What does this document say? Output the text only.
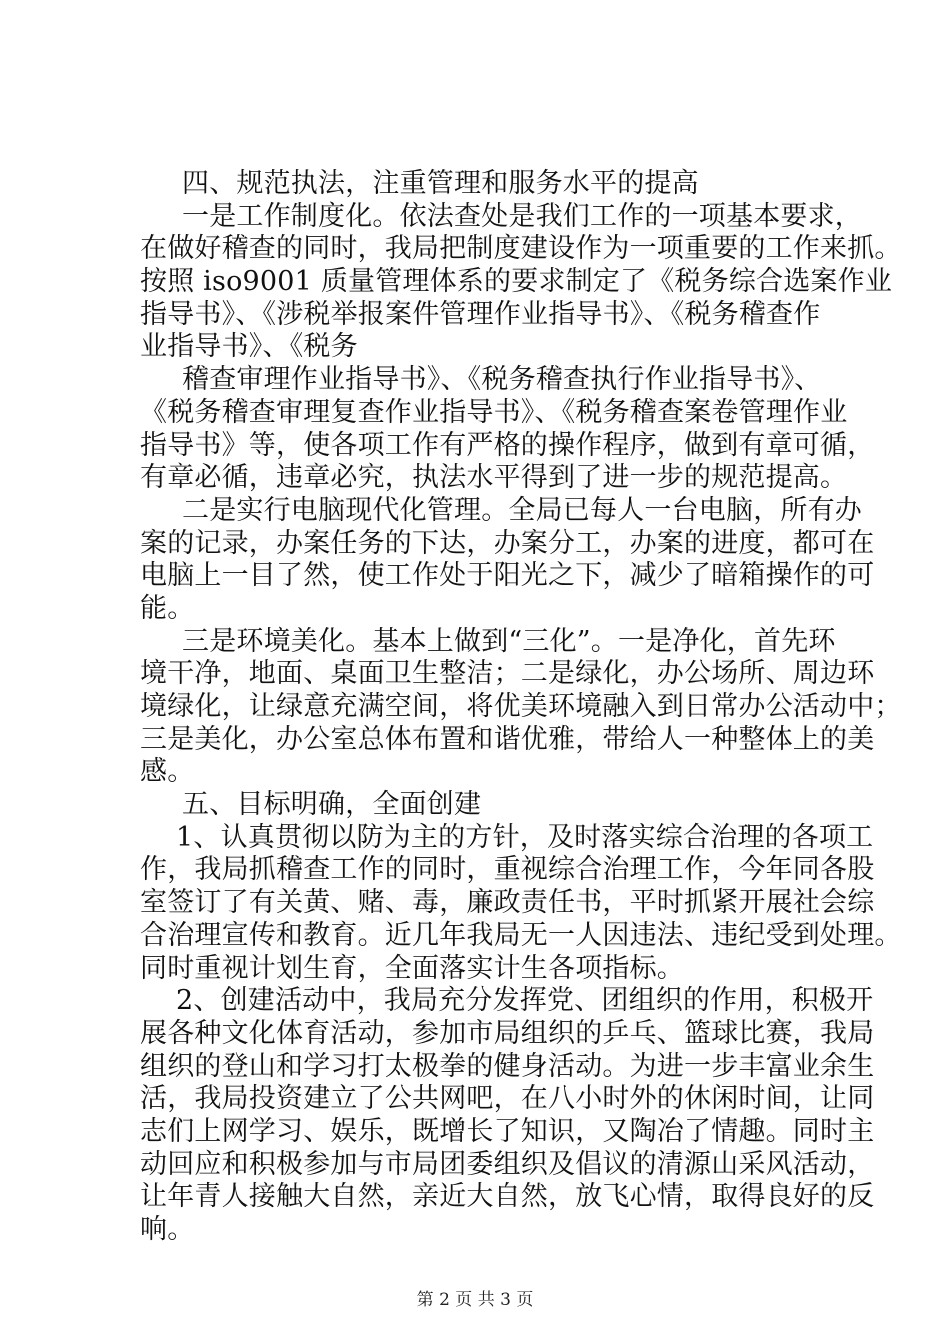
四、规范执法，注重管理和服务水平的提高
一是工作制度化。依法查处是我们工作的一项基本要求，
在做好稽查的同时，我局把制度建设作为一项重要的工作来抓。
按照 iso9001 质量管理体系的要求制定了《税务综合选案作业
指导书》、《涉税举报案件管理作业指导书》、《税务稽查作
业指导书》、《税务
稽查审理作业指导书》、《税务稽查执行作业指导书》、
《税务稽查审理复查作业指导书》、《税务稽查案卷管理作业
指导书》等，使各项工作有严格的操作程序，做到有章可循，
有章必循，违章必究，执法水平得到了进一步的规范提高。
二是实行电脑现代化管理。全局已每人一台电脑，所有办
案的记录，办案任务的下达，办案分工，办案的进度，都可在
电脑上一目了然，使工作处于阳光之下，减少了暗箱操作的可
能。
三是环境美化。基本上做到“三化”。一是净化，首先环
境干净，地面、桌面卫生整洁；二是绿化，办公场所、周边环
境绿化，让绿意充满空间，将优美环境融入到日常办公活动中；
三是美化，办公室总体布置和谐优雅，带给人一种整体上的美
感。
五、目标明确，全面创建
1、认真贯彻以防为主的方针，及时落实综合治理的各项工
作，我局抓稽查工作的同时，重视综合治理工作，今年同各股
室签订了有关黄、赌、毒，廉政责任书，平时抓紧开展社会综
合治理宣传和教育。近几年我局无一人因违法、违纪受到处理。
同时重视计划生育，全面落实计生各项指标。
2、创建活动中，我局充分发挥党、团组织的作用，积极开
展各种文化体育活动，参加市局组织的乒乓、篮球比赛，我局
组织的登山和学习打太极拳的健身活动。为进一步丰富业余生
活，我局投资建立了公共网吧，在八小时外的休闲时间，让同
志们上网学习、娱乐，既增长了知识，又陶冶了情趣。同时主
动回应和积极参加与市局团委组织及倡议的清源山采风活动，
让年青人接触大自然，亲近大自然，放飞心情，取得良好的反
响。
第 2 页 共 3 页
